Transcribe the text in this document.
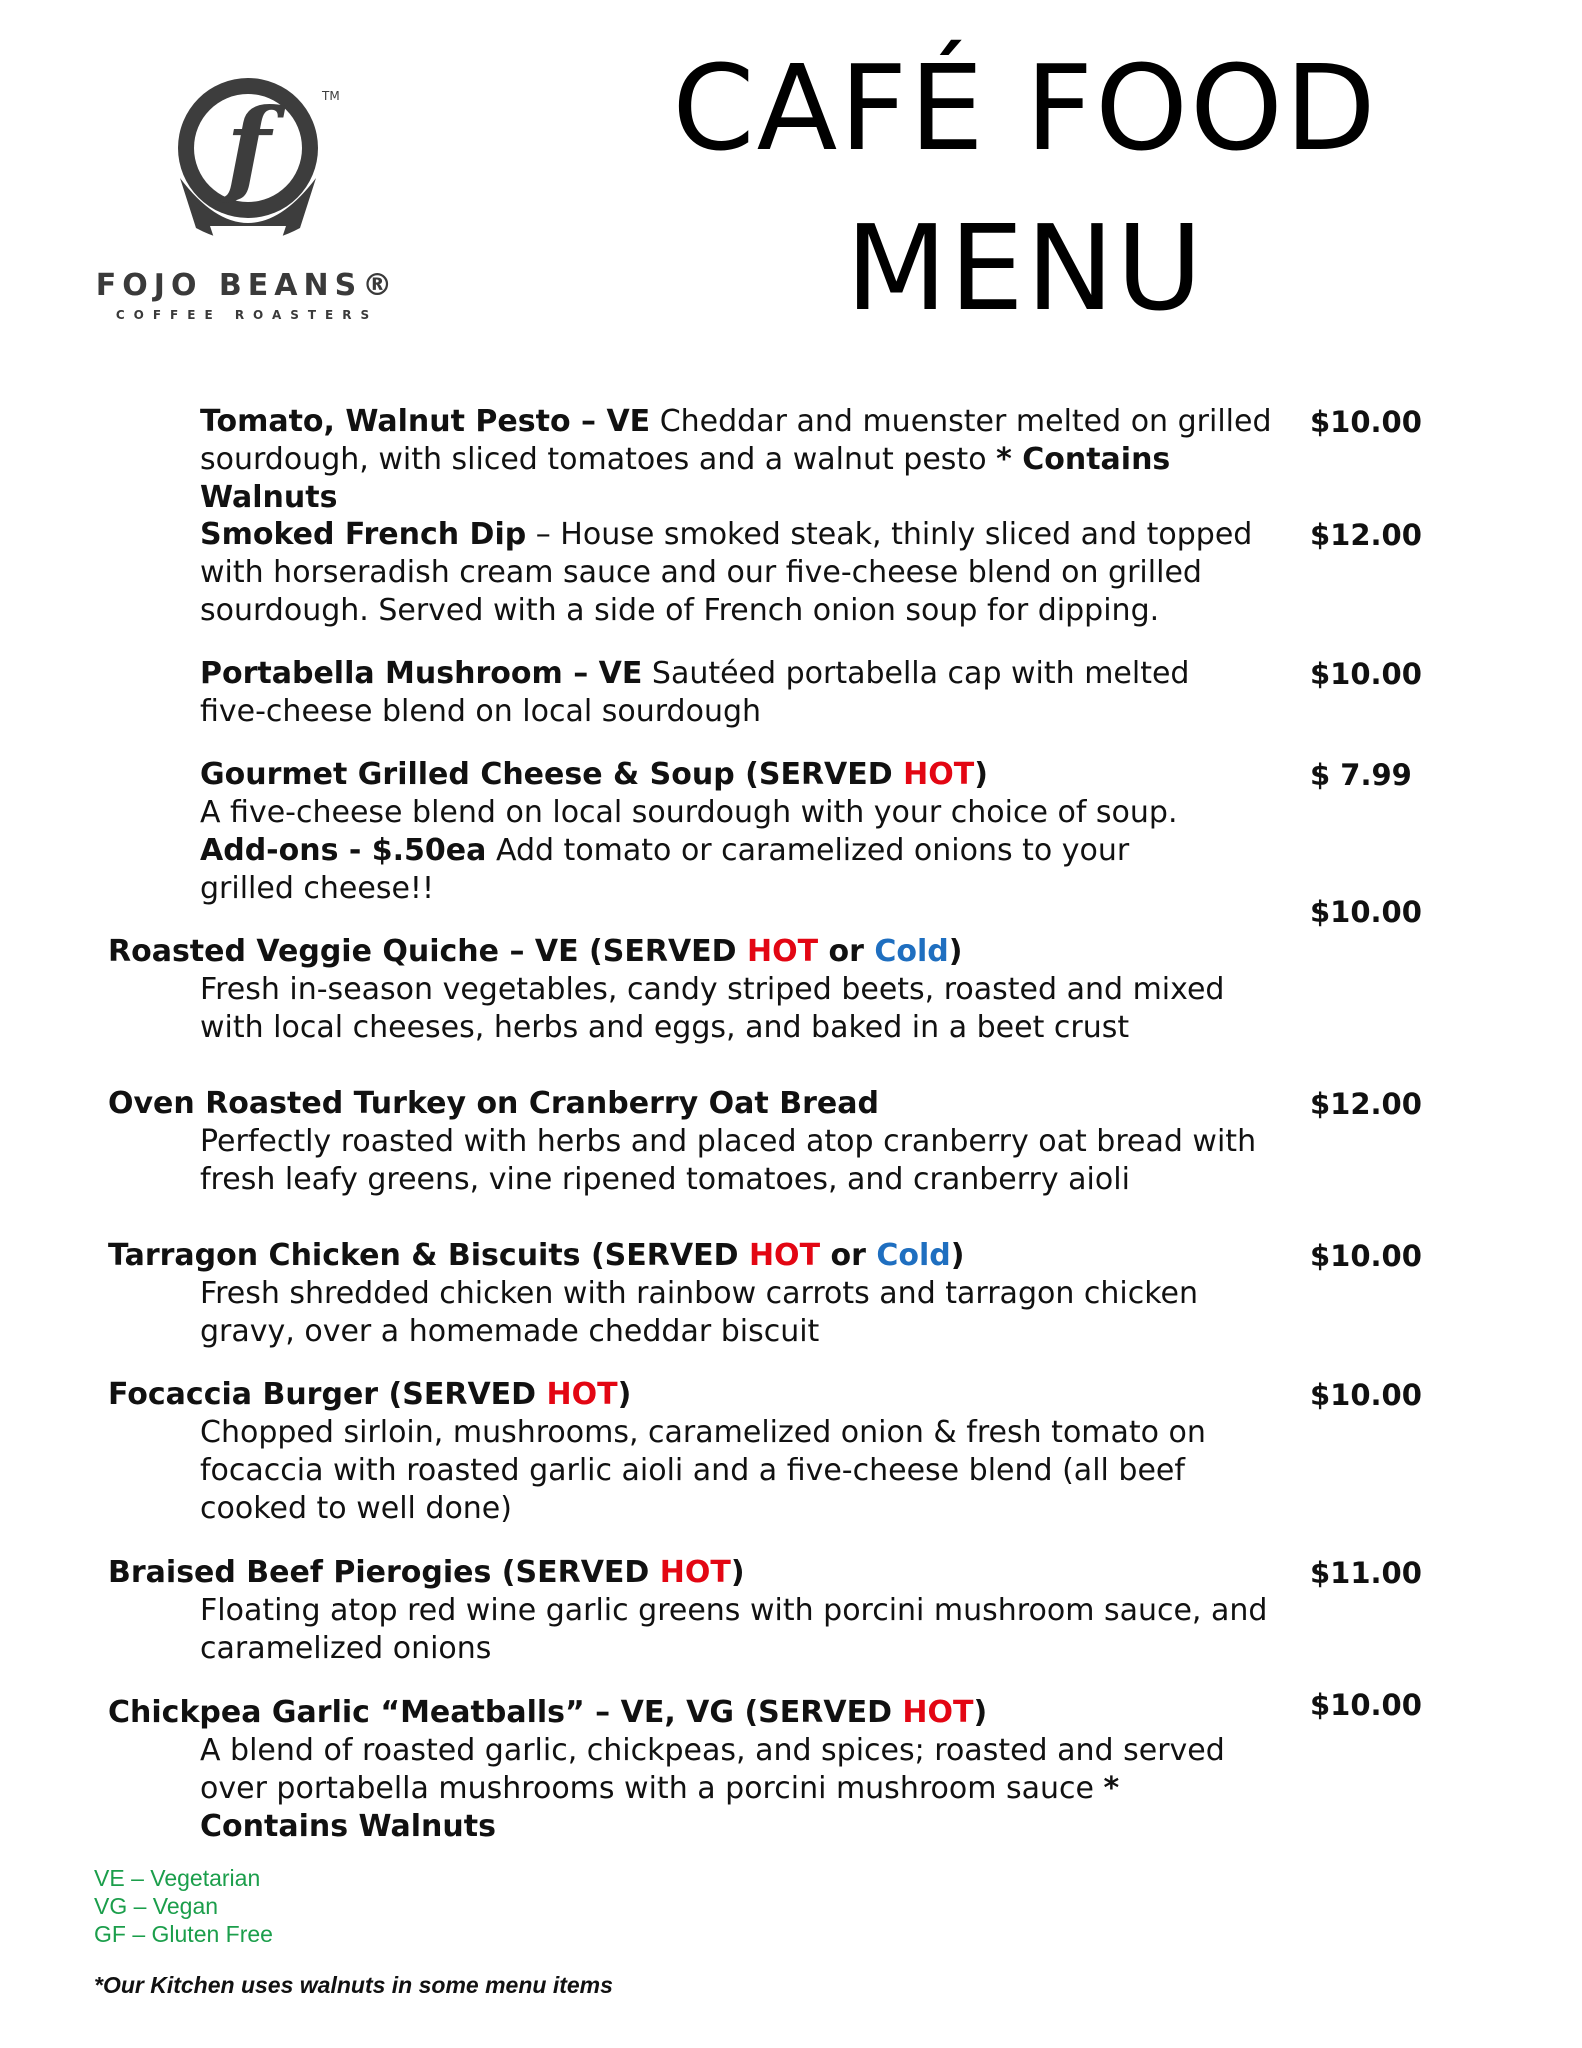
f	TM
FOJO BEANS®
COFFEE ROASTERS
CAFÉ FOOD
MENU
Tomato, Walnut Pesto – VE Cheddar and muenster melted on grilled sourdough, with sliced tomatoes and a walnut pesto * Contains Walnuts
$10.00
Smoked French Dip – House smoked steak, thinly sliced and topped with horseradish cream sauce and our five-cheese blend on grilled sourdough. Served with a side of French onion soup for dipping.
$12.00
Portabella Mushroom – VE Sautéed portabella cap with melted five-cheese blend on local sourdough
$10.00
Gourmet Grilled Cheese & Soup (SERVED HOT)
A five-cheese blend on local sourdough with your choice of soup.
Add-ons - $.50ea Add tomato or caramelized onions to your grilled cheese!!
$ 7.99
Roasted Veggie Quiche – VE (SERVED HOT or Cold)
Fresh in-season vegetables, candy striped beets, roasted and mixed with local cheeses, herbs and eggs, and baked in a beet crust
$10.00
Oven Roasted Turkey on Cranberry Oat Bread
Perfectly roasted with herbs and placed atop cranberry oat bread with fresh leafy greens, vine ripened tomatoes, and cranberry aioli
$12.00
Tarragon Chicken & Biscuits (SERVED HOT or Cold)
Fresh shredded chicken with rainbow carrots and tarragon chicken gravy, over a homemade cheddar biscuit
$10.00
Focaccia Burger (SERVED HOT)
Chopped sirloin, mushrooms, caramelized onion & fresh tomato on focaccia with roasted garlic aioli and a five-cheese blend (all beef cooked to well done)
$10.00
Braised Beef Pierogies (SERVED HOT)
Floating atop red wine garlic greens with porcini mushroom sauce, and caramelized onions
$11.00
Chickpea Garlic “Meatballs” – VE, VG (SERVED HOT)
A blend of roasted garlic, chickpeas, and spices; roasted and served over portabella mushrooms with a porcini mushroom sauce * Contains Walnuts
$10.00
VE – Vegetarian
VG – Vegan
GF – Gluten Free
*Our Kitchen uses walnuts in some menu items
